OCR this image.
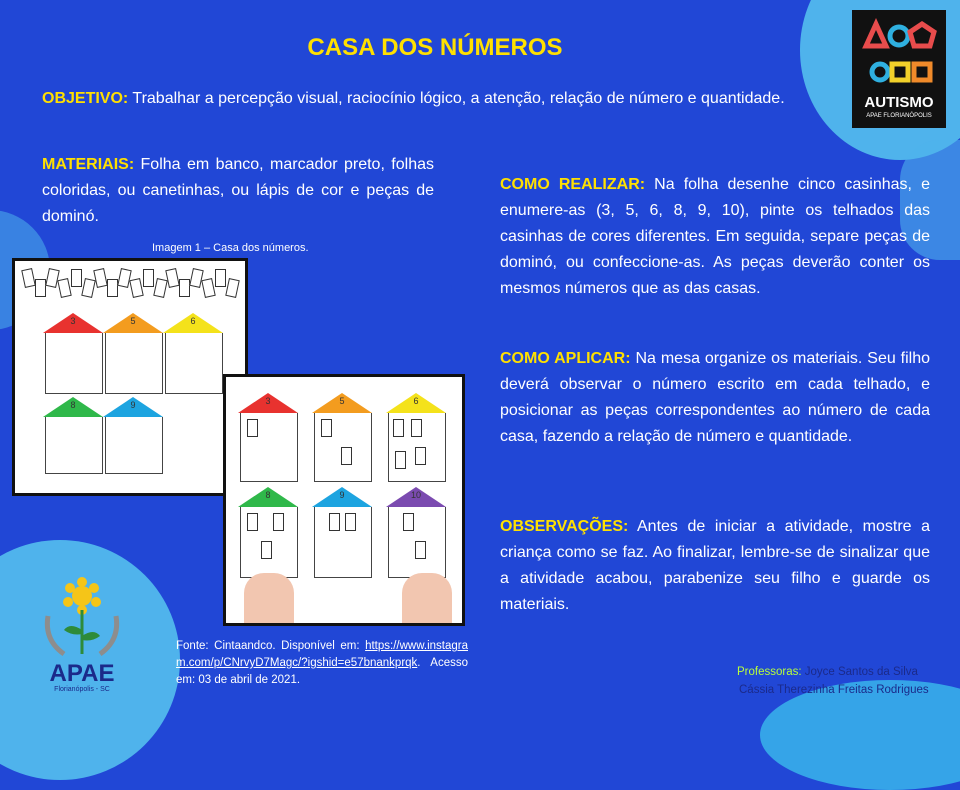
CASA DOS NÚMEROS
OBJETIVO: Trabalhar a percepção visual, raciocínio lógico, a atenção, relação de número e quantidade.
MATERIAIS: Folha em banco, marcador preto, folhas coloridas, ou canetinhas, ou lápis de cor e peças de dominó.
Imagem 1 – Casa dos números.
COMO REALIZAR: Na folha desenhe cinco casinhas, e enumere-as (3, 5, 6, 8, 9, 10), pinte os telhados das casinhas de cores diferentes. Em seguida, separe peças de dominó, ou confeccione-as. As peças deverão conter os mesmos números que as das casas.
COMO APLICAR: Na mesa organize os materiais. Seu filho deverá observar o número escrito em cada telhado, e posicionar as peças correspondentes ao número de cada casa, fazendo a relação de número e quantidade.
OBSERVAÇÕES: Antes de iniciar a atividade, mostre a criança como se faz. Ao finalizar, lembre-se de sinalizar que a atividade acabou, parabenize seu filho e guarde os materiais.
3	5	6
8	9	3	5	6
8	9	10
AUTISMO
APAE FLORIANÓPOLIS
APAE
Florianópolis - SC
Fonte: Cintaandco. Disponível em: https://www.instagram.com/p/CNrvyD7Magc/?igshid=e57bnankprqk. Acesso em: 03 de abril de 2021.
Professoras: Joyce Santos da Silva
Cássia Therezinha Freitas Rodrigues
